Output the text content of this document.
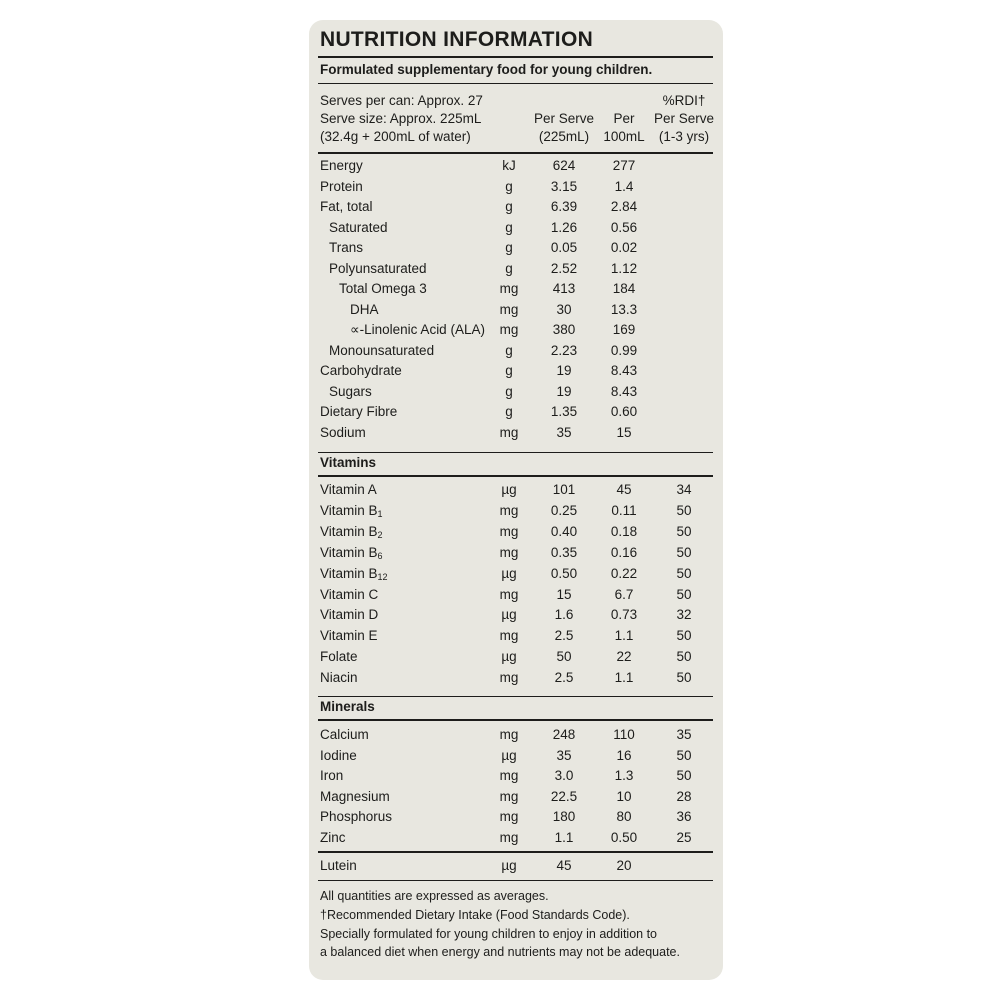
NUTRITION INFORMATION
Formulated supplementary food for young children.
Serves per can: Approx. 27
Serve size: Approx. 225mL
(32.4g + 200mL of water)
Per Serve
(225mL)
Per
100mL
%RDI†
Per Serve
(1-3 yrs)
Energy	kJ	624	277
Protein	g	3.15	1.4
Fat, total	g	6.39	2.84
Saturated	g	1.26	0.56
Trans	g	0.05	0.02
Polyunsaturated	g	2.52	1.12
Total Omega 3	mg	413	184
DHA	mg	30	13.3
∝-Linolenic Acid (ALA)	mg	380	169
Monounsaturated	g	2.23	0.99
Carbohydrate	g	19	8.43
Sugars	g	19	8.43
Dietary Fibre	g	1.35	0.60
Sodium	mg	35	15
Vitamins
Vitamin A	µg	101	45	34
Vitamin $B_1$	mg	0.25	0.11	50
Vitamin $B_2$	mg	0.40	0.18	50
Vitamin $B_6$	mg	0.35	0.16	50
Vitamin $B_{12}$	µg	0.50	0.22	50
Vitamin C	mg	15	6.7	50
Vitamin D	µg	1.6	0.73	32
Vitamin E	mg	2.5	1.1	50
Folate	µg	50	22	50
Niacin	mg	2.5	1.1	50
Minerals
Calcium	mg	248	110	35
Iodine	µg	35	16	50
Iron	mg	3.0	1.3	50
Magnesium	mg	22.5	10	28
Phosphorus	mg	180	80	36
Zinc	mg	1.1	0.50	25
Lutein	µg	45	20
All quantities are expressed as averages.
†Recommended Dietary Intake (Food Standards Code).
Specially formulated for young children to enjoy in addition to
a balanced diet when energy and nutrients may not be adequate.
